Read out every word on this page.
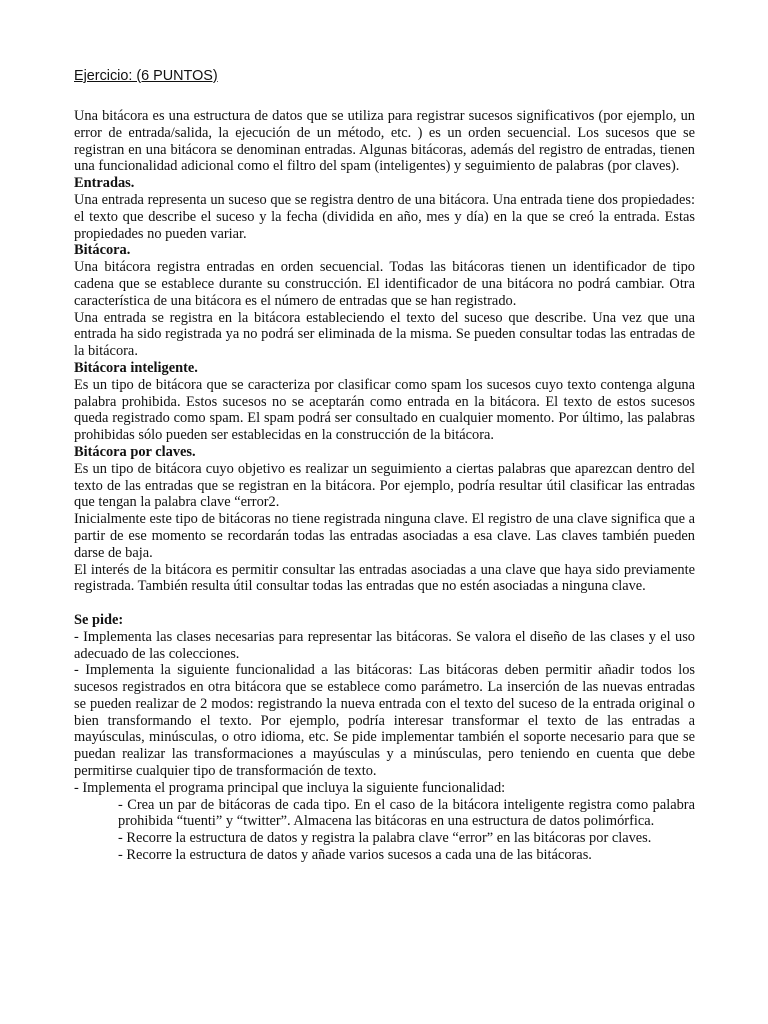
Ejercicio: (6 PUNTOS)

Una bitácora es una estructura de datos que se utiliza para registrar sucesos significativos (por ejemplo, un error de entrada/salida, la ejecución de un método, etc. ) es un orden secuencial. Los sucesos que se registran en una bitácora se denominan entradas. Algunas bitácoras, además del registro de entradas, tienen una funcionalidad adicional como el filtro del spam (inteligentes) y seguimiento de palabras (por claves).

Entradas.

Una entrada representa un suceso que se registra dentro de una bitácora. Una entrada tiene dos propiedades: el texto que describe el suceso y la fecha (dividida en año, mes y día) en la que se creó la entrada. Estas propiedades no pueden variar.

Bitácora.

Una bitácora registra entradas en orden secuencial. Todas las bitácoras tienen un identificador de tipo cadena que se establece durante su construcción. El identificador de una bitácora no podrá cambiar. Otra característica de una bitácora es el número de entradas que se han registrado.

Una entrada se registra en la bitácora estableciendo el texto del suceso que describe. Una vez que una entrada ha sido registrada ya no podrá ser eliminada de la misma. Se pueden consultar todas las entradas de la bitácora.

Bitácora inteligente.

Es un tipo de bitácora que se caracteriza por clasificar como spam los sucesos cuyo texto contenga alguna palabra prohibida. Estos sucesos no se aceptarán como entrada en la bitácora. El texto de estos sucesos queda registrado como spam. El spam podrá ser consultado en cualquier momento. Por último, las palabras prohibidas sólo pueden ser establecidas en la construcción de la bitácora.

Bitácora por claves.

Es un tipo de bitácora cuyo objetivo es realizar un seguimiento a ciertas palabras que aparezcan dentro del texto de las entradas que se registran en la bitácora. Por ejemplo, podría resultar útil clasificar las entradas que tengan la palabra clave “error2.

Inicialmente este tipo de bitácoras no tiene registrada ninguna clave. El registro de una clave significa que a partir de ese momento se recordarán todas las entradas asociadas a esa clave. Las claves también pueden darse de baja.

El interés de la bitácora es permitir consultar las entradas asociadas a una clave que haya sido previamente registrada. También resulta útil consultar todas las entradas que no estén asociadas a ninguna clave.

Se pide:

- Implementa las clases necesarias para representar las bitácoras. Se valora el diseño de las clases y el uso adecuado de las colecciones.

- Implementa la siguiente funcionalidad a las bitácoras: Las bitácoras deben permitir añadir todos los sucesos registrados en otra bitácora que se establece como parámetro. La inserción de las nuevas entradas se pueden realizar de 2 modos: registrando la nueva entrada con el texto del suceso de la entrada original o bien transformando el texto. Por ejemplo, podría interesar transformar el texto de las entradas a mayúsculas, minúsculas, o otro idioma, etc. Se pide implementar también el soporte necesario para que se puedan realizar las transformaciones a mayúsculas y a minúsculas, pero teniendo en cuenta que debe permitirse cualquier tipo de transformación de texto.

- Implementa el programa principal que incluya la siguiente funcionalidad:

- Crea un par de bitácoras de cada tipo. En el caso de la bitácora inteligente registra como palabra prohibida “tuenti” y “twitter”. Almacena las bitácoras en una estructura de datos polimórfica.

- Recorre la estructura de datos y registra la palabra clave “error” en las bitácoras por claves.

- Recorre la estructura de datos y añade varios sucesos a cada una de las bitácoras.
